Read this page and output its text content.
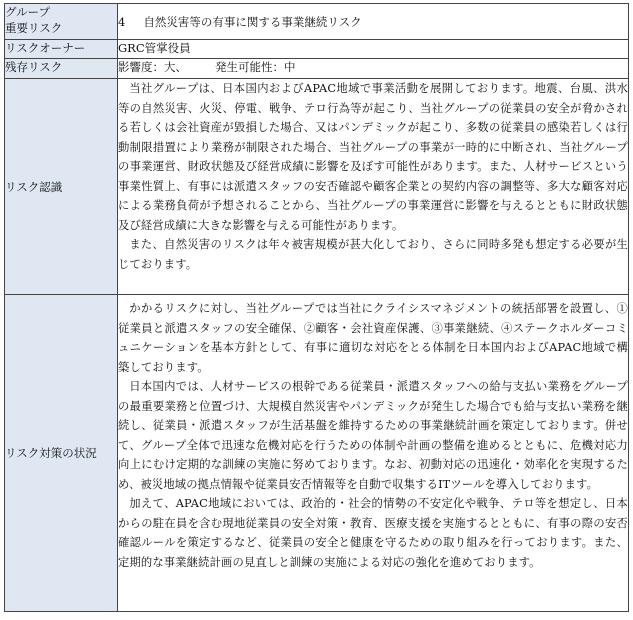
グループ
重要リスク	4 自然災害等の有事に関する事業継続リスク
リスクオーナー	GRC管掌役員
残存リスク	影響度：大、 発生可能性：中
リスク認識	当社グループは、日本国内およびAPAC地域で事業活動を展開しております。地震、台風、洪水等の自然災害、火災、停電、戦争、テロ行為等が起こり、当社グループの従業員の安全が脅かされる若しくは会社資産が毀損した場合、又はパンデミックが起こり、多数の従業員の感染若しくは行動制限措置により業務が制限された場合、当社グループの事業が一時的に中断され、当社グループの事業運営、財政状態及び経営成績に影響を及ぼす可能性があります。また、人材サービスという事業性質上、有事には派遣スタッフの安否確認や顧客企業との契約内容の調整等、多大な顧客対応による業務負荷が予想されることから、当社グループの事業運営に影響を与えるとともに財政状態及び経営成績に大きな影響を与える可能性があります。

また、自然災害のリスクは年々被害規模が甚大化しており、さらに同時多発も想定する必要が生じております。

リスク対策の状況	かかるリスクに対し、当社グループでは当社にクライシスマネジメントの統括部署を設置し、①従業員と派遣スタッフの安全確保、②顧客・会社資産保護、③事業継続、④ステークホルダーコミュニケーションを基本方針として、有事に適切な対応をとる体制を日本国内およびAPAC地域で構築しております。

日本国内では、人材サービスの根幹である従業員・派遣スタッフへの給与支払い業務をグループの最重要業務と位置づけ、大規模自然災害やパンデミックが発生した場合でも給与支払い業務を継続し、従業員・派遣スタッフが生活基盤を維持するための事業継続計画を策定しております。併せて、グループ全体で迅速な危機対応を行うための体制や計画の整備を進めるとともに、危機対応力向上にむけ定期的な訓練の実施に努めております。なお、初動対応の迅速化・効率化を実現するため、被災地域の拠点情報や従業員安否情報等を自動で収集するITツールを導入しております。

加えて、APAC地域においては、政治的・社会的情勢の不安定化や戦争、テロ等を想定し、日本からの駐在員を含む現地従業員の安全対策・教育、医療支援を実施するとともに、有事の際の安否確認ルールを策定するなど、従業員の安全と健康を守るための取り組みを行っております。また、定期的な事業継続計画の見直しと訓練の実施による対応の強化を進めております。
